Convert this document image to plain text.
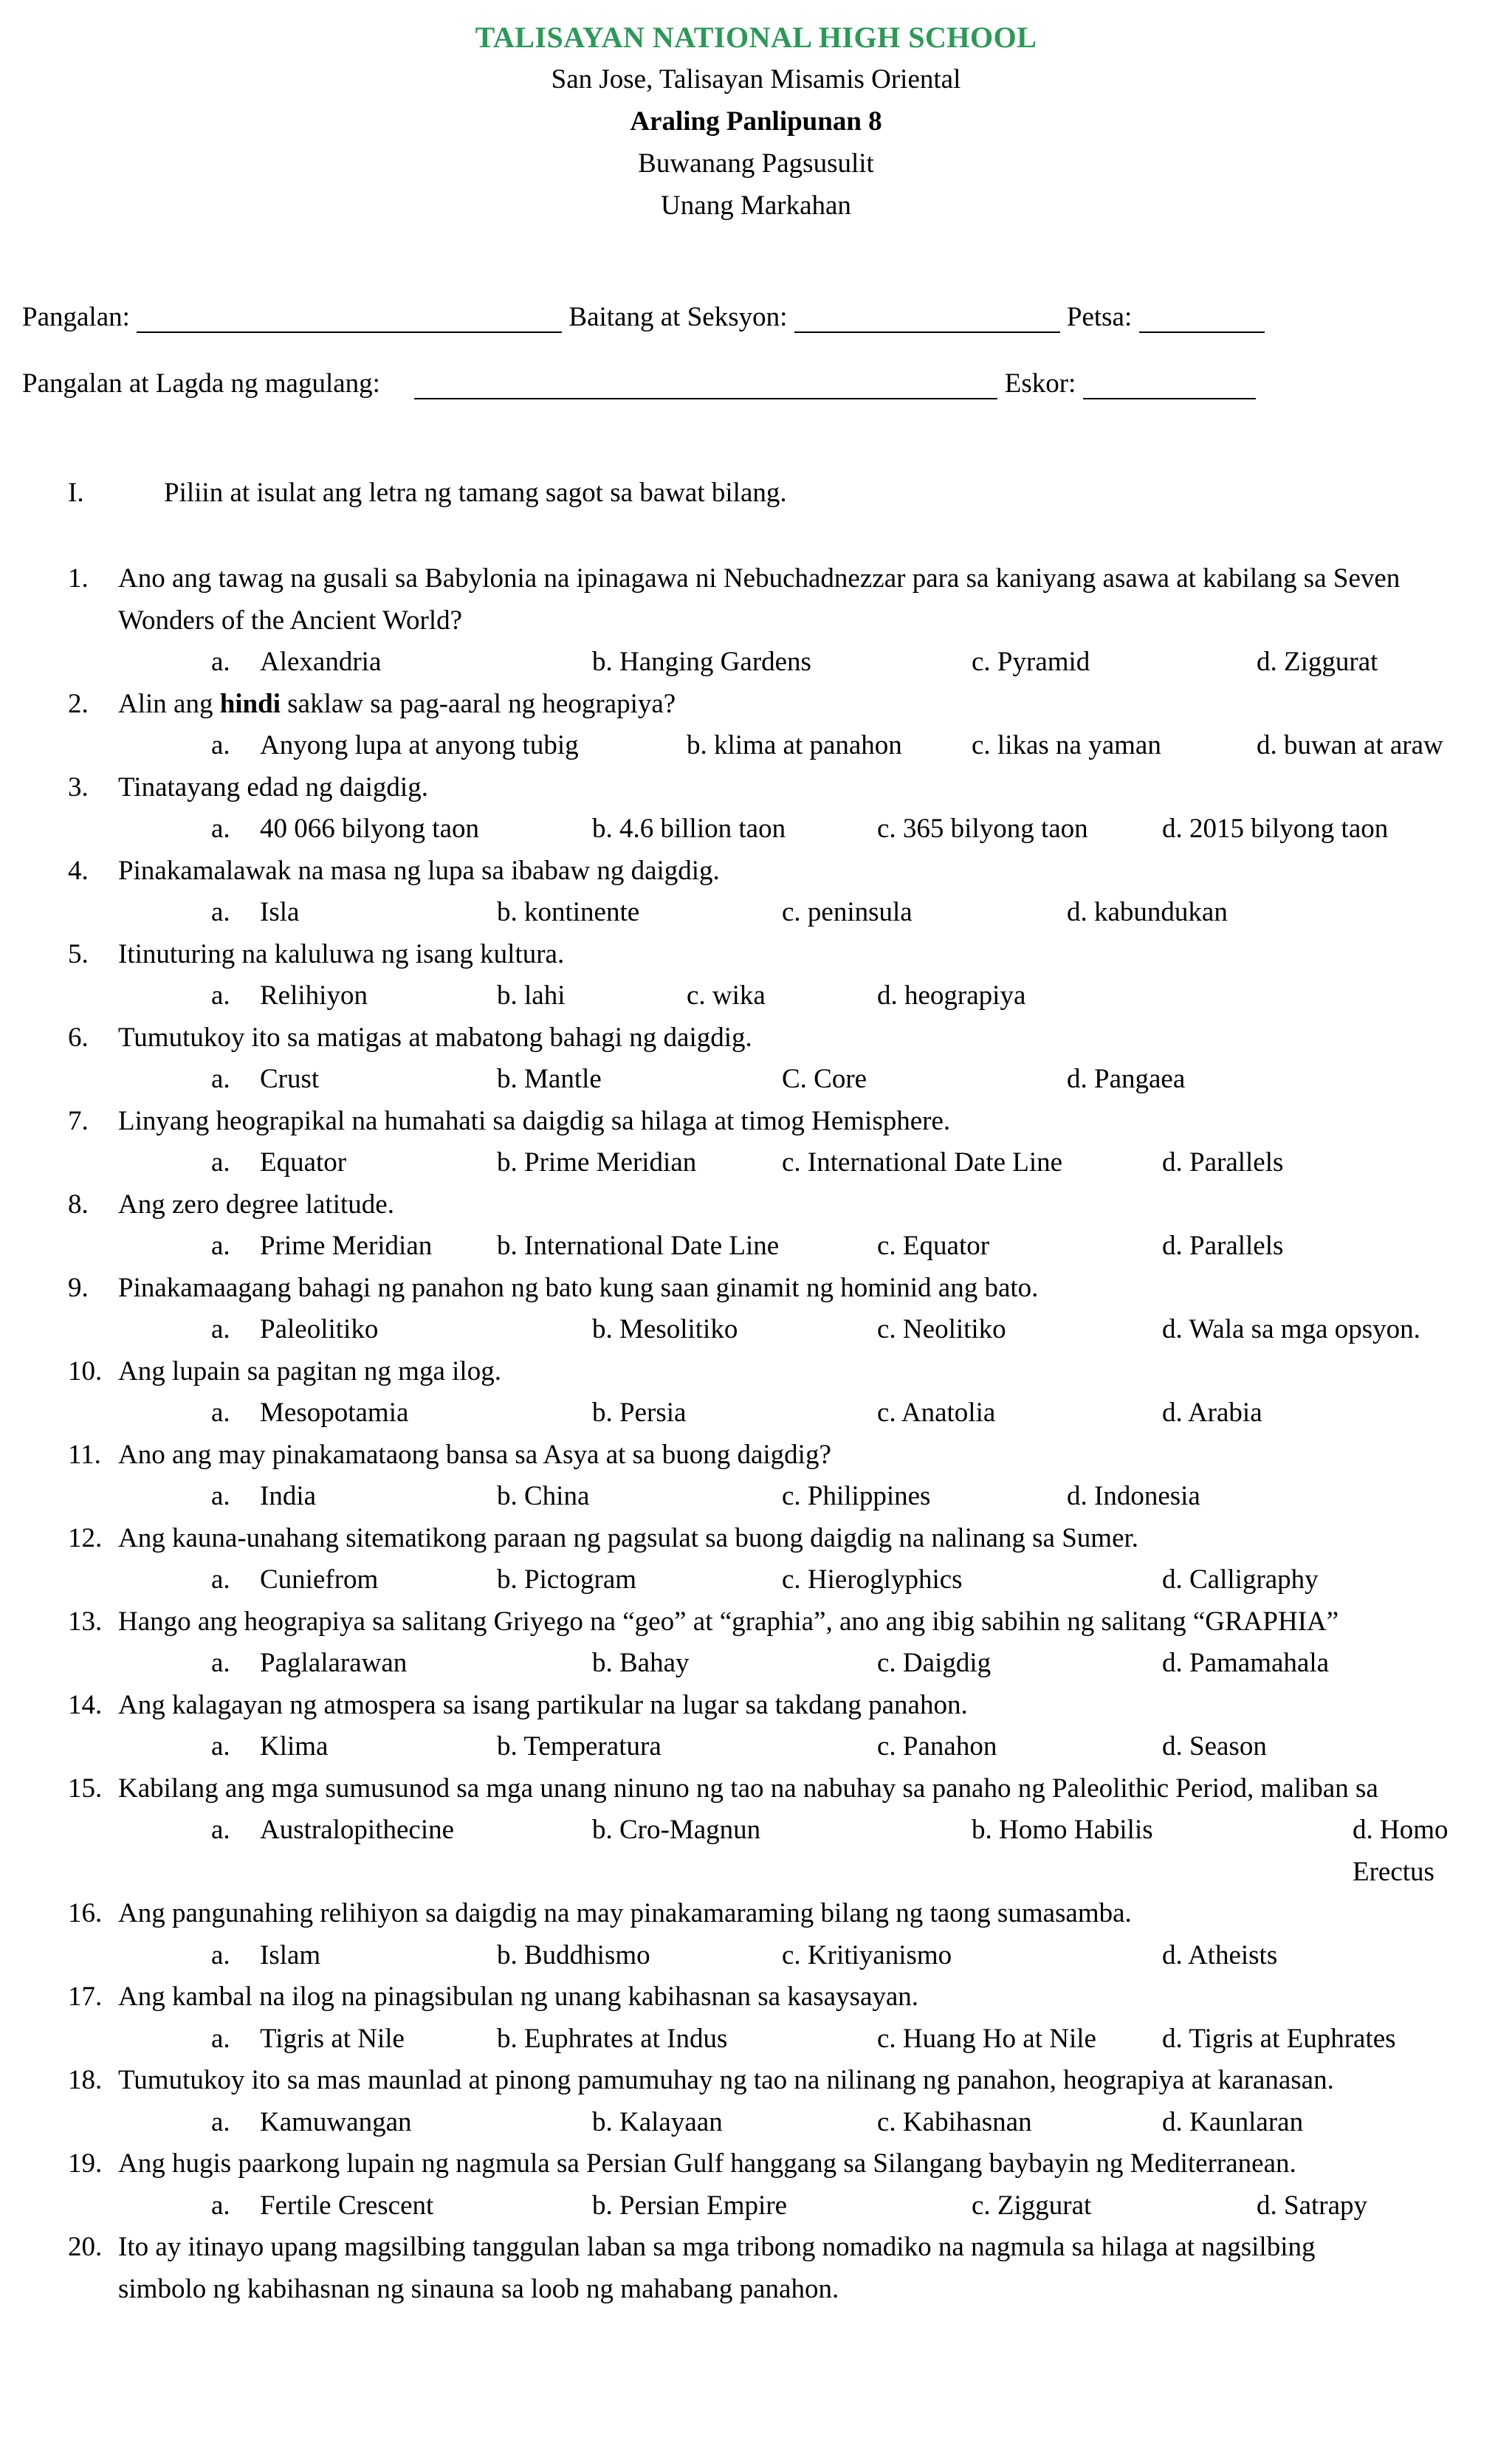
TALISAYAN NATIONAL HIGH SCHOOL
San Jose, Talisayan Misamis Oriental
Araling Panlipunan 8
Buwanang Pagsusulit
Unang Markahan
Pangalan:	Baitang at Seksyon:	Petsa:
Pangalan at Lagda ng magulang:	Eskor:
I.	Piliin at isulat ang letra ng tamang sagot sa bawat bilang.
1.	Ano ang tawag na gusali sa Babylonia na ipinagawa ni Nebuchadnezzar para sa kaniyang asawa at kabilang sa Seven Wonders of the Ancient World?
a. Alexandria	b. Hanging Gardens	c. Pyramid	d. Ziggurat
2.	Alin ang hindi saklaw sa pag-aaral ng heograpiya?
a. Anyong lupa at anyong tubig	b. klima at panahon	c. likas na yaman	d. buwan at araw
3.	Tinatayang edad ng daigdig.
a. 40 066 bilyong taon	b. 4.6 billion taon	c. 365 bilyong taon	d. 2015 bilyong taon
4.	Pinakamalawak na masa ng lupa sa ibabaw ng daigdig.
a. Isla	b. kontinente	c. peninsula	d. kabundukan
5.	Itinuturing na kaluluwa ng isang kultura.
a. Relihiyon	b. lahi	c. wika	d. heograpiya
6.	Tumutukoy ito sa matigas at mabatong bahagi ng daigdig.
a. Crust	b. Mantle	C. Core	d. Pangaea
7.	Linyang heograpikal na humahati sa daigdig sa hilaga at timog Hemisphere.
a. Equator	b. Prime Meridian	c. International Date Line	d. Parallels
8.	Ang zero degree latitude.
a. Prime Meridian b. International Date Line	c. Equator	d. Parallels
9.	Pinakamaagang bahagi ng panahon ng bato kung saan ginamit ng hominid ang bato.
a. Paleolitiko	b. Mesolitiko	c. Neolitiko	d. Wala sa mga opsyon.
10. Ang lupain sa pagitan ng mga ilog.
a. Mesopotamia	b. Persia	c. Anatolia	d. Arabia
11. Ano ang may pinakamataong bansa sa Asya at sa buong daigdig?
a. India	b. China	c. Philippines	d. Indonesia
12. Ang kauna-unahang sitematikong paraan ng pagsulat sa buong daigdig na nalinang sa Sumer.
a. Cuniefrom	b. Pictogram	c. Hieroglyphics	d. Calligraphy
13. Hango ang heograpiya sa salitang Griyego na “geo” at “graphia”, ano ang ibig sabihin ng salitang “GRAPHIA”
a. Paglalarawan	b. Bahay	c. Daigdig	d. Pamamahala
14. Ang kalagayan ng atmospera sa isang partikular na lugar sa takdang panahon.
a. Klima	b. Temperatura	c. Panahon	d. Season
15. Kabilang ang mga sumusunod sa mga unang ninuno ng tao na nabuhay sa panaho ng Paleolithic Period, maliban sa
a. Australopithecine	b. Cro-Magnun	b. Homo Habilis	d. Homo Erectus
16. Ang pangunahing relihiyon sa daigdig na may pinakamaraming bilang ng taong sumasamba.
a. Islam	b. Buddhismo	c. Kritiyanismo	d. Atheists
17. Ang kambal na ilog na pinagsibulan ng unang kabihasnan sa kasaysayan.
a. Tigris at Nile	b. Euphrates at Indus	c. Huang Ho at Nile d. Tigris at Euphrates
18. Tumutukoy ito sa mas maunlad at pinong pamumuhay ng tao na nilinang ng panahon, heograpiya at karanasan.
a. Kamuwangan	b. Kalayaan	c. Kabihasnan	d. Kaunlaran
19. Ang hugis paarkong lupain ng nagmula sa Persian Gulf hanggang sa Silangang baybayin ng Mediterranean.
a. Fertile Crescent	b. Persian Empire	c. Ziggurat	d. Satrapy
20. Ito ay itinayo upang magsilbing tanggulan laban sa mga tribong nomadiko na nagmula sa hilaga at nagsilbing simbolo ng kabihasnan ng sinauna sa loob ng mahabang panahon.
